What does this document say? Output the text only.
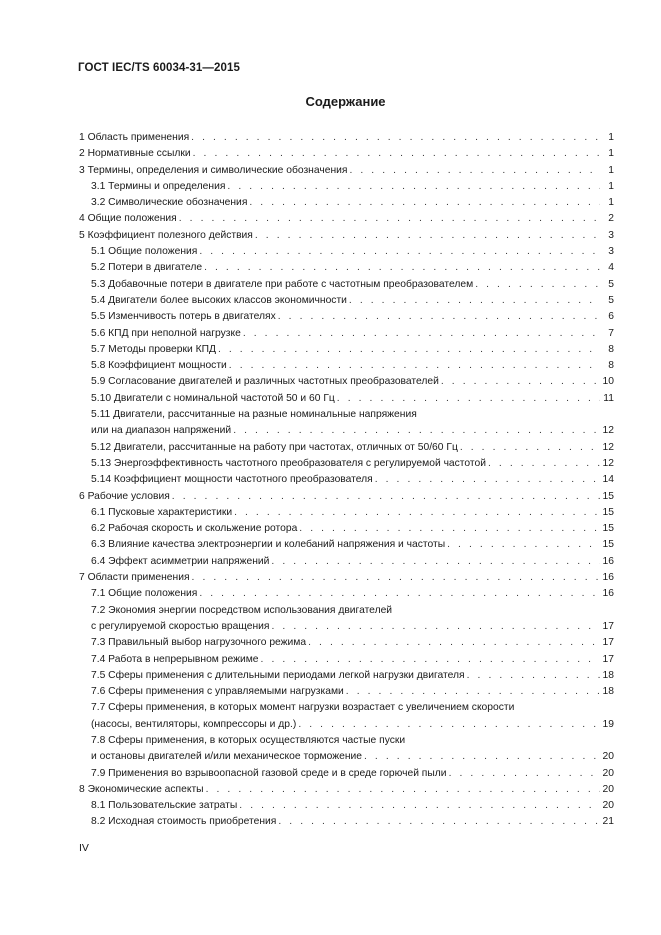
ГОСТ IEC/TS 60034-31—2015
Содержание
1 Область применения . . .	1
2 Нормативные ссылки . . .	1
3 Термины, определения и символические обозначения . . .	1
3.1 Термины и определения . . .	1
3.2 Символические обозначения . . .	1
4 Общие положения . . .	2
5 Коэффициент полезного действия . . .	3
5.1 Общие положения . . .	3
5.2 Потери в двигателе . . .	4
5.3 Добавочные потери в двигателе при работе с частотным преобразователем . . .	5
5.4 Двигатели более высоких классов экономичности . . .	5
5.5 Изменчивость потерь в двигателях . . .	6
5.6 КПД при неполной нагрузке . . .	7
5.7 Методы проверки КПД . . .	8
5.8 Коэффициент мощности . . .	8
5.9 Согласование двигателей и различных частотных преобразователей . . .	10
5.10 Двигатели с номинальной частотой 50 и 60 Гц . . .	11
5.11 Двигатели, рассчитанные на разные номинальные напряжения
или на диапазон напряжений . . .	12
5.12 Двигатели, рассчитанные на работу при частотах, отличных от 50/60 Гц . . .	12
5.13 Энергоэффективность частотного преобразователя с регулируемой частотой . . .	12
5.14 Коэффициент мощности частотного преобразователя . . .	14
6 Рабочие условия . . .	15
6.1 Пусковые характеристики . . .	15
6.2 Рабочая скорость и скольжение ротора . . .	15
6.3 Влияние качества электроэнергии и колебаний напряжения и частоты . . .	15
6.4 Эффект асимметрии напряжений . . .	16
7 Области применения . . .	16
7.1 Общие положения . . .	16
7.2 Экономия энергии посредством использования двигателей
с регулируемой скоростью вращения . . .	17
7.3 Правильный выбор нагрузочного режима . . .	17
7.4 Работа в непрерывном режиме . . .	17
7.5 Сферы применения с длительными периодами легкой нагрузки двигателя . . .	18
7.6 Сферы применения с управляемыми нагрузками . . .	18
7.7 Сферы применения, в которых момент нагрузки возрастает с увеличением скорости
(насосы, вентиляторы, компрессоры и др.) . . .	19
7.8 Сферы применения, в которых осуществляются частые пуски
и остановы двигателей и/или механическое торможение . . .	20
7.9 Применения во взрывоопасной газовой среде и в среде горючей пыли . . .	20
8 Экономические аспекты . . .	20
8.1 Пользовательские затраты . . .	20
8.2 Исходная стоимость приобретения . . .	21
IV
